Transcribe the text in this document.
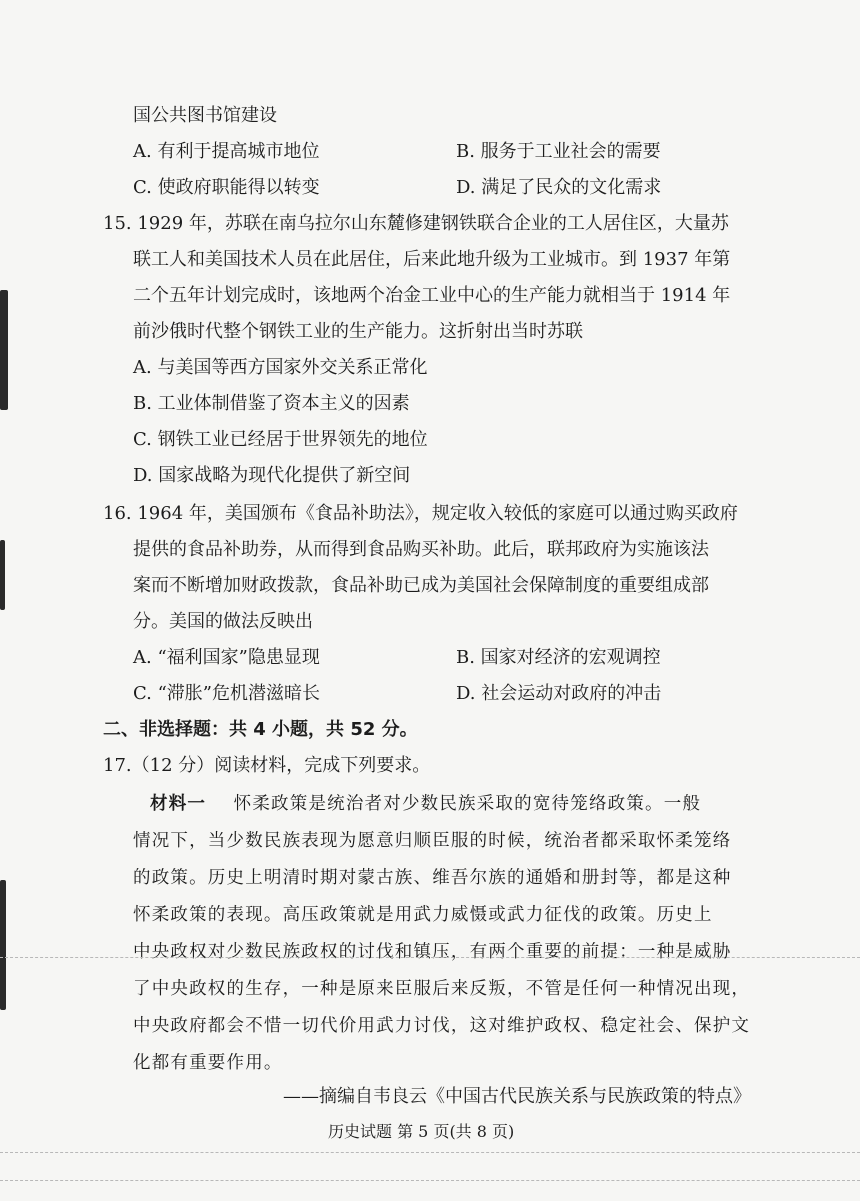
国公共图书馆建设
A. 有利于提高城市地位	B. 服务于工业社会的需要
C. 使政府职能得以转变	D. 满足了民众的文化需求
15. 1929 年，苏联在南乌拉尔山东麓修建钢铁联合企业的工人居住区，大量苏
联工人和美国技术人员在此居住，后来此地升级为工业城市。到 1937 年第
二个五年计划完成时，该地两个冶金工业中心的生产能力就相当于 1914 年
前沙俄时代整个钢铁工业的生产能力。这折射出当时苏联
A. 与美国等西方国家外交关系正常化
B. 工业体制借鉴了资本主义的因素
C. 钢铁工业已经居于世界领先的地位
D. 国家战略为现代化提供了新空间
16. 1964 年，美国颁布《食品补助法》，规定收入较低的家庭可以通过购买政府
提供的食品补助券，从而得到食品购买补助。此后，联邦政府为实施该法
案而不断增加财政拨款，食品补助已成为美国社会保障制度的重要组成部
分。美国的做法反映出
A. “福利国家”隐患显现	B. 国家对经济的宏观调控
C. “滞胀”危机潜滋暗长	D. 社会运动对政府的冲击
二、非选择题：共 4 小题，共 52 分。
17.（12 分）阅读材料，完成下列要求。
材料一 怀柔政策是统治者对少数民族采取的宽待笼络政策。一般
情况下，当少数民族表现为愿意归顺臣服的时候，统治者都采取怀柔笼络
的政策。历史上明清时期对蒙古族、维吾尔族的通婚和册封等，都是这种
怀柔政策的表现。高压政策就是用武力威慑或武力征伐的政策。历史上
中央政权对少数民族政权的讨伐和镇压，有两个重要的前提：一种是威胁
了中央政权的生存，一种是原来臣服后来反叛，不管是任何一种情况出现，
中央政府都会不惜一切代价用武力讨伐，这对维护政权、稳定社会、保护文
化都有重要作用。
——摘编自韦良云《中国古代民族关系与民族政策的特点》
历史试题 第 5 页(共 8 页)
